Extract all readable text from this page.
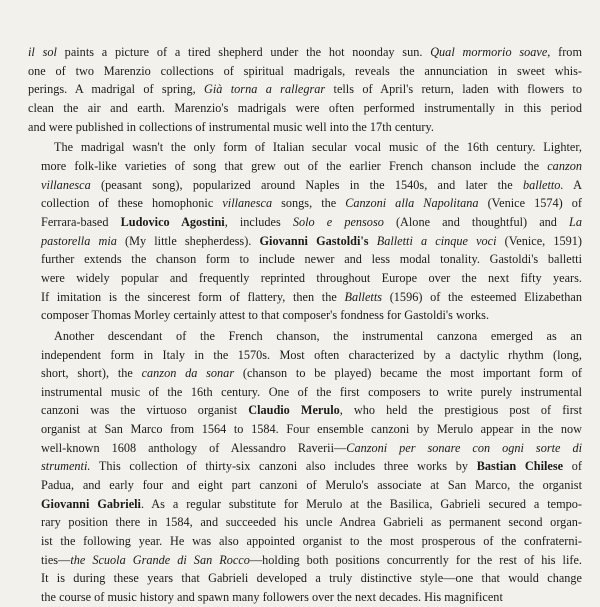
il sol paints a picture of a tired shepherd under the hot noonday sun. Qual mormorio soave, from
one of two Marenzio collections of spiritual madrigals, reveals the annunciation in sweet whis-
perings. A madrigal of spring, Già torna a rallegrar tells of April's return, laden with flowers to
clean the air and earth. Marenzio's madrigals were often performed instrumentally in this period
and were published in collections of instrumental music well into the 17th century.

The madrigal wasn't the only form of Italian secular vocal music of the 16th century. Lighter,
more folk-like varieties of song that grew out of the earlier French chanson include the canzon
villanesca (peasant song), popularized around Naples in the 1540s, and later the balletto. A
collection of these homophonic villanesca songs, the Canzoni alla Napolitana (Venice 1574) of
Ferrara-based Ludovico Agostini, includes Solo e pensoso (Alone and thoughtful) and La
pastorella mia (My little shepherdess). Giovanni Gastoldi's Balletti a cinque voci (Venice, 1591)
further extends the chanson form to include newer and less modal tonality. Gastoldi's balletti
were widely popular and frequently reprinted throughout Europe over the next fifty years.
If imitation is the sincerest form of flattery, then the Balletts (1596) of the esteemed Elizabethan
composer Thomas Morley certainly attest to that composer's fondness for Gastoldi's works.

Another descendant of the French chanson, the instrumental canzona emerged as an
independent form in Italy in the 1570s. Most often characterized by a dactylic rhythm (long,
short, short), the canzon da sonar (chanson to be played) became the most important form of
instrumental music of the 16th century. One of the first composers to write purely instrumental
canzoni was the virtuoso organist Claudio Merulo, who held the prestigious post of first
organist at San Marco from 1564 to 1584. Four ensemble canzoni by Merulo appear in the now
well-known 1608 anthology of Alessandro Raverii—Canzoni per sonare con ogni sorte di
strumenti. This collection of thirty-six canzoni also includes three works by Bastian Chilese of
Padua, and early four and eight part canzoni of Merulo's associate at San Marco, the organist
Giovanni Gabrieli. As a regular substitute for Merulo at the Basilica, Gabrieli secured a tempo-
rary position there in 1584, and succeeded his uncle Andrea Gabrieli as permanent second organ-
ist the following year. He was also appointed organist to the most prosperous of the confraterni-
ties—the Scuola Grande di San Rocco—holding both positions concurrently for the rest of his life.
It is during these years that Gabrieli developed a truly distinctive style—one that would change
the course of music history and spawn many followers over the next decades. His magnificent
